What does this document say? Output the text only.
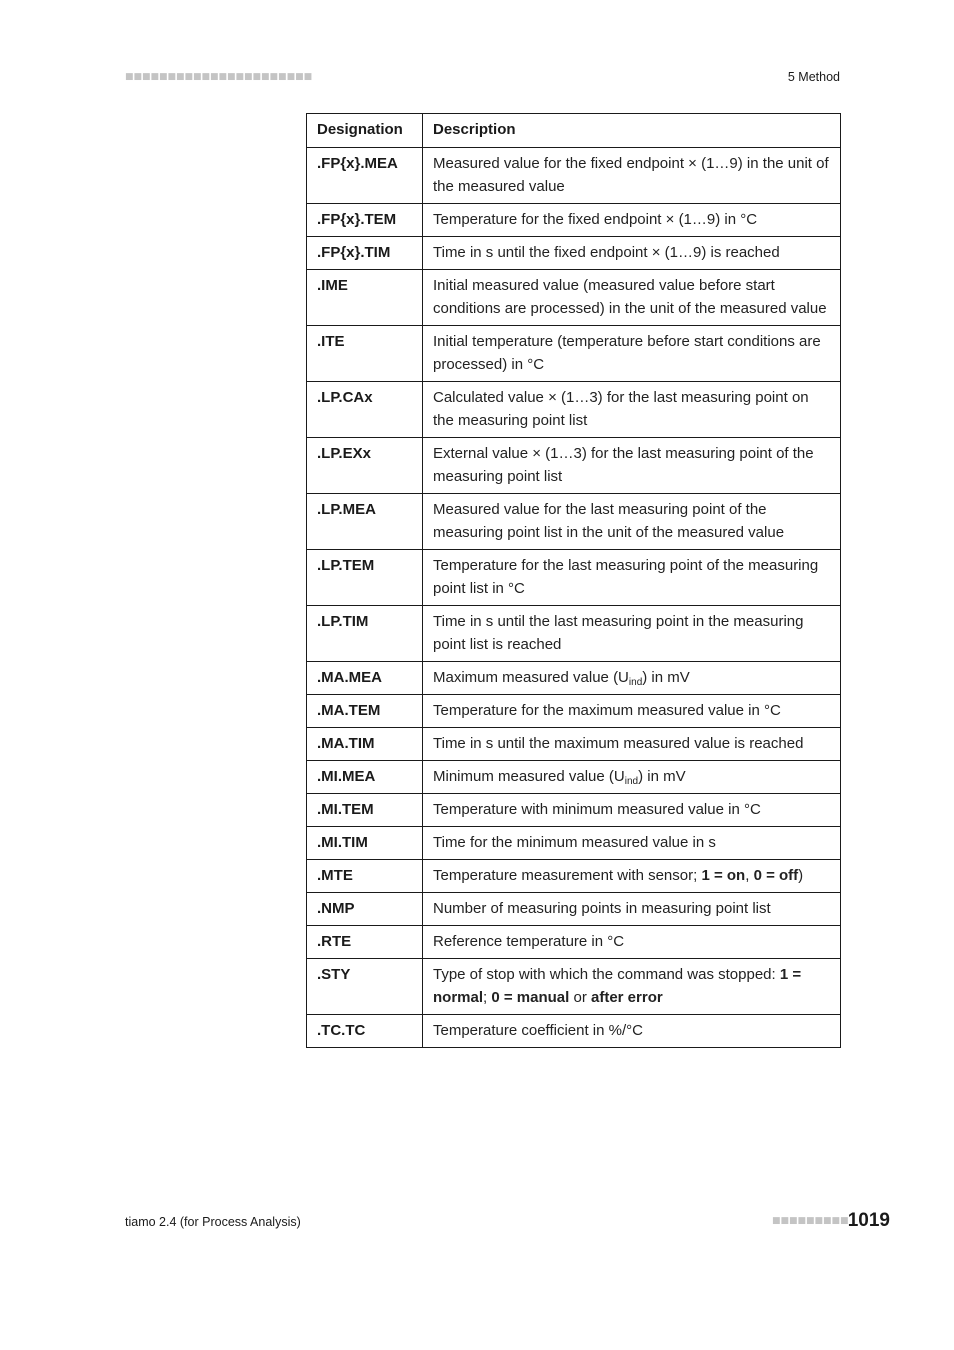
■■■■■■■■■■■■■■■■■■■■■■	5 Method
Designation	Description
.FP{x}.MEA	Measured value for the fixed endpoint × (1…9) in the unit of the measured value
.FP{x}.TEM	Temperature for the fixed endpoint × (1…9) in °C
.FP{x}.TIM	Time in s until the fixed endpoint × (1…9) is reached
.IME	Initial measured value (measured value before start conditions are processed) in the unit of the measured value
.ITE	Initial temperature (temperature before start conditions are processed) in °C
.LP.CAx	Calculated value × (1…3) for the last measuring point on the measuring point list
.LP.EXx	External value × (1…3) for the last measuring point of the measuring point list
.LP.MEA	Measured value for the last measuring point of the measuring point list in the unit of the measured value
.LP.TEM	Temperature for the last measuring point of the measuring point list in °C
.LP.TIM	Time in s until the last measuring point in the measuring point list is reached
.MA.MEA	Maximum measured value $(U_{ind})$ in mV
.MA.TEM	Temperature for the maximum measured value in °C
.MA.TIM	Time in s until the maximum measured value is reached
.MI.MEA	Minimum measured value $(U_{ind})$ in mV
.MI.TEM	Temperature with minimum measured value in °C
.MI.TIM	Time for the minimum measured value in s
.MTE	Temperature measurement with sensor; 1 = on, 0 = off)
.NMP	Number of measuring points in measuring point list
.RTE	Reference temperature in °C
.STY	Type of stop with which the command was stopped: 1 = normal; 0 = manual or after error
.TC.TC	Temperature coefficient in %/°C
tiamo 2.4 (for Process Analysis)	■■■■■■■■■ 1019
